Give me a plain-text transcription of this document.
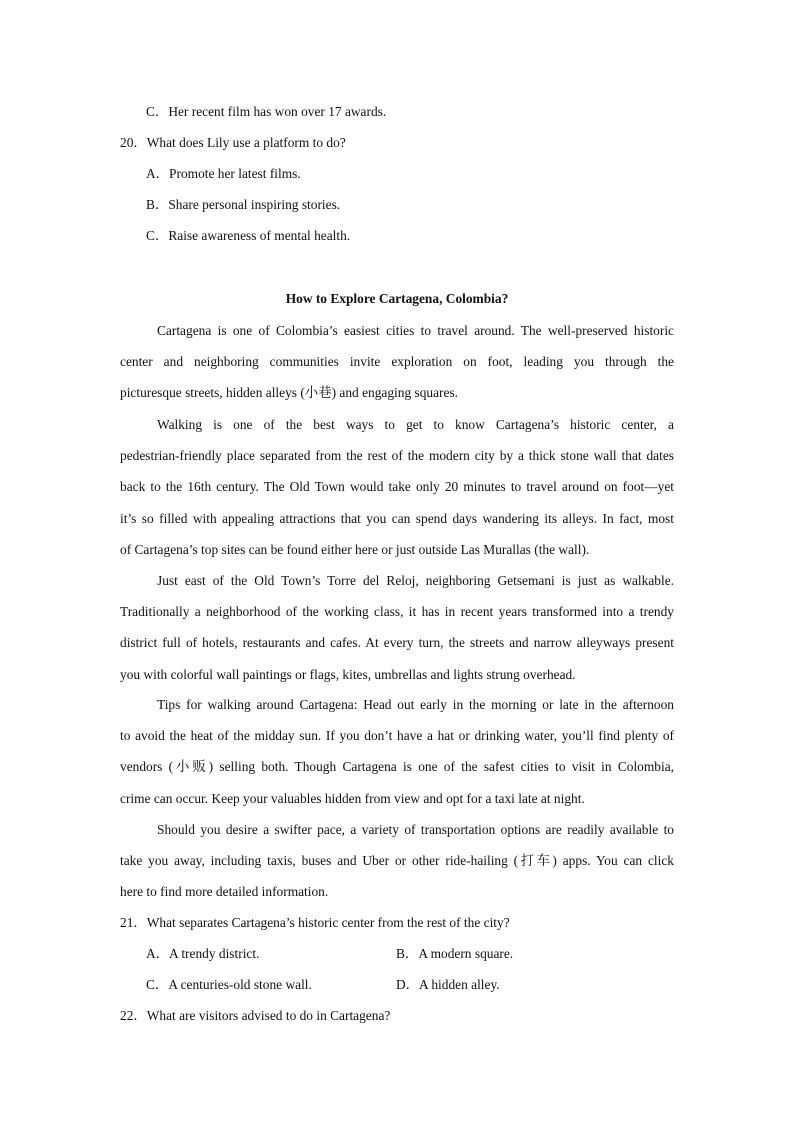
C．Her recent film has won over 17 awards.
20．What does Lily use a platform to do?
A．Promote her latest films.
B．Share personal inspiring stories.
C．Raise awareness of mental health.
How to Explore Cartagena, Colombia?
Cartagena is one of Colombia’s easiest cities to travel around. The well-preserved historic
center and neighboring communities invite exploration on foot, leading you through the
picturesque streets, hidden alleys (小巷) and engaging squares.
Walking is one of the best ways to get to know Cartagena’s historic center, a
pedestrian-friendly place separated from the rest of the modern city by a thick stone wall that dates
back to the 16th century. The Old Town would take only 20 minutes to travel around on foot—yet
it’s so filled with appealing attractions that you can spend days wandering its alleys. In fact, most
of Cartagena’s top sites can be found either here or just outside Las Murallas (the wall).
Just east of the Old Town’s Torre del Reloj, neighboring Getsemani is just as walkable.
Traditionally a neighborhood of the working class, it has in recent years transformed into a trendy
district full of hotels, restaurants and cafes. At every turn, the streets and narrow alleyways present
you with colorful wall paintings or flags, kites, umbrellas and lights strung overhead.
Tips for walking around Cartagena: Head out early in the morning or late in the afternoon
to avoid the heat of the midday sun. If you don’t have a hat or drinking water, you’ll find plenty of
vendors (小贩) selling both. Though Cartagena is one of the safest cities to visit in Colombia,
crime can occur. Keep your valuables hidden from view and opt for a taxi late at night.
Should you desire a swifter pace, a variety of transportation options are readily available to
take you away, including taxis, buses and Uber or other ride-hailing (打车) apps. You can click
here to find more detailed information.
21．What separates Cartagena’s historic center from the rest of the city?
A．A trendy district.	B．A modern square.
C．A centuries-old stone wall.	D．A hidden alley.
22．What are visitors advised to do in Cartagena?
